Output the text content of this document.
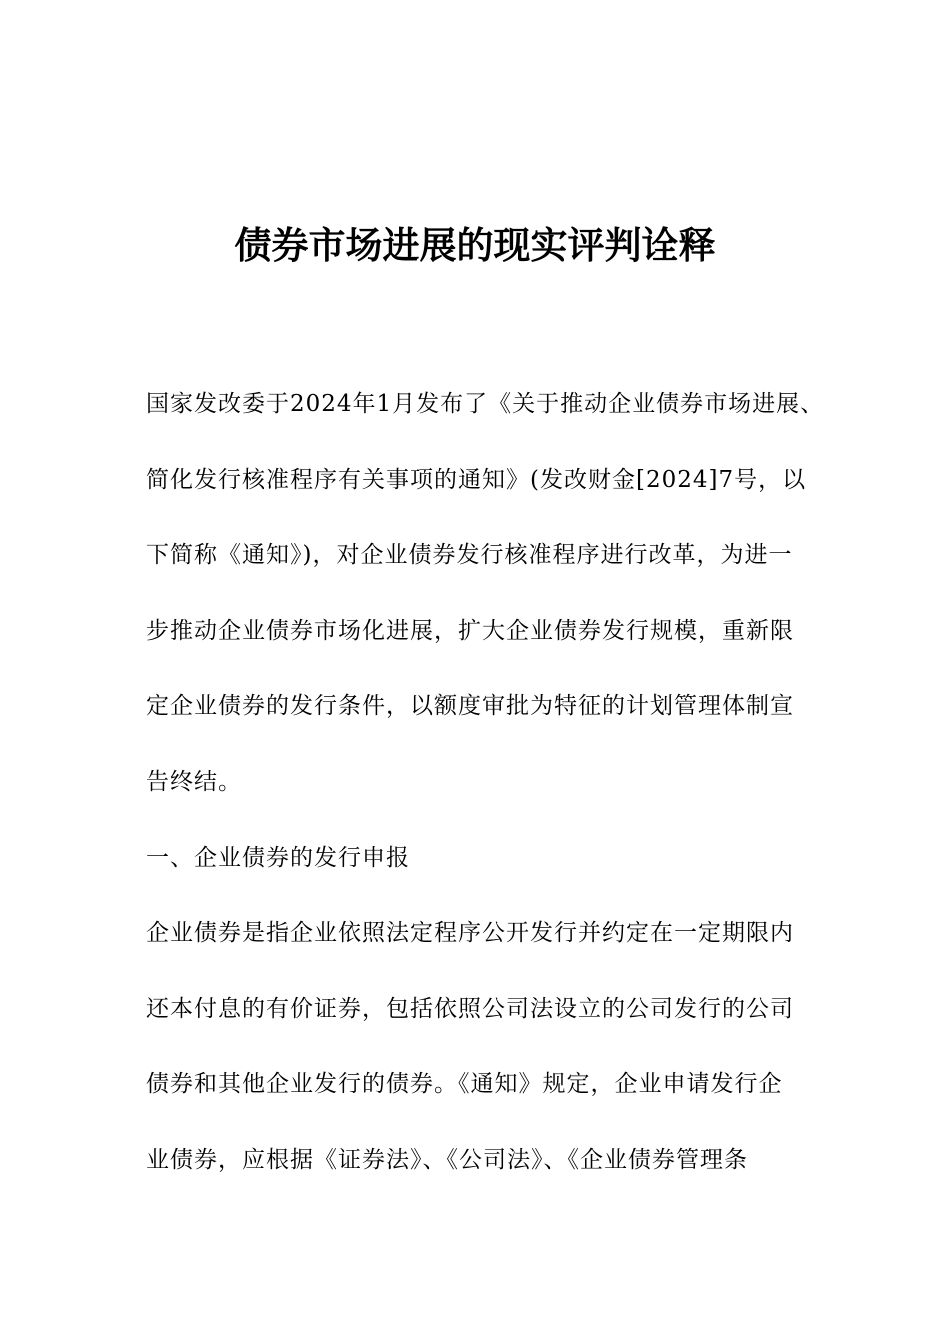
债券市场进展的现实评判诠释

国家发改委于2024年1月发布了《关于推动企业债券市场进展、
简化发行核准程序有关事项的通知》(发改财金[2024]7号，以
下简称《通知》)，对企业债券发行核准程序进行改革，为进一
步推动企业债券市场化进展，扩大企业债券发行规模，重新限
定企业债券的发行条件，以额度审批为特征的计划管理体制宣
告终结。

一、企业债券的发行申报

企业债券是指企业依照法定程序公开发行并约定在一定期限内
还本付息的有价证券，包括依照公司法设立的公司发行的公司
债券和其他企业发行的债券。《通知》规定，企业申请发行企
业债券，应根据《证券法》、《公司法》、《企业债券管理条
